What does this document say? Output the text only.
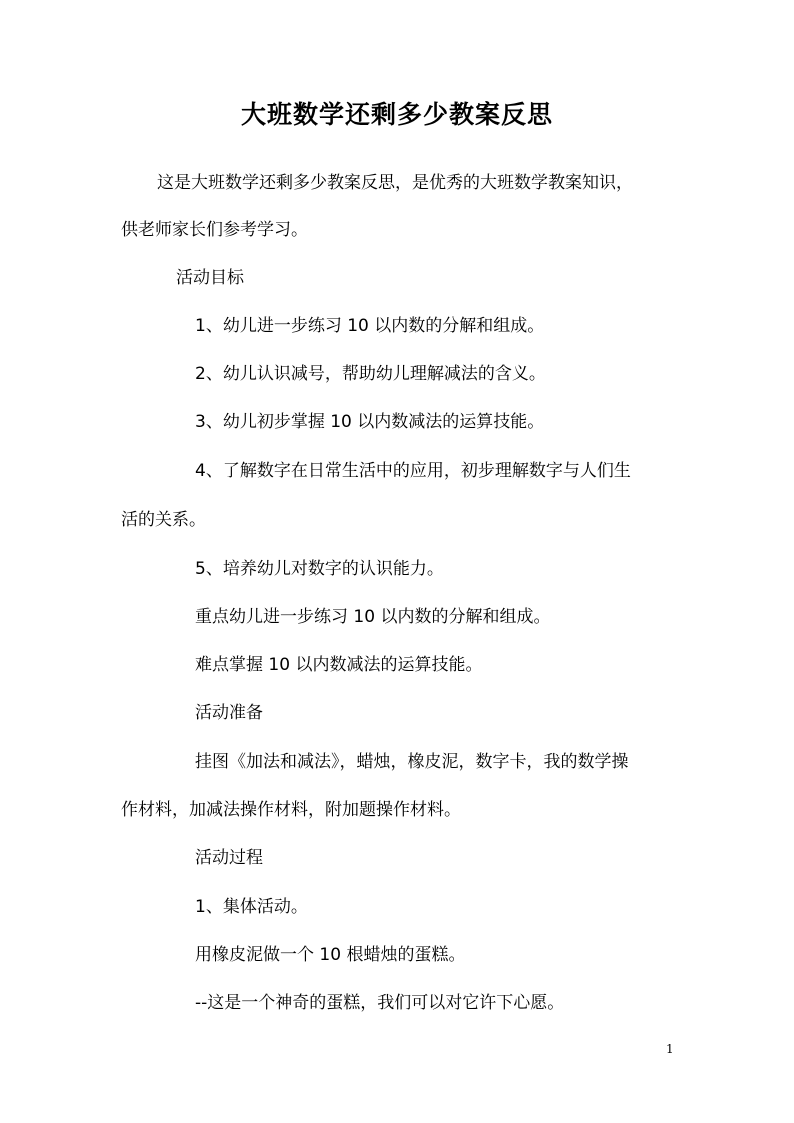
大班数学还剩多少教案反思
这是大班数学还剩多少教案反思，是优秀的大班数学教案知识，
供老师家长们参考学习。
活动目标
1、幼儿进一步练习 10 以内数的分解和组成。
2、幼儿认识减号，帮助幼儿理解减法的含义。
3、幼儿初步掌握 10 以内数减法的运算技能。
4、了解数字在日常生活中的应用，初步理解数字与人们生
活的关系。
5、培养幼儿对数字的认识能力。
重点幼儿进一步练习 10 以内数的分解和组成。
难点掌握 10 以内数减法的运算技能。
活动准备
挂图《加法和减法》，蜡烛，橡皮泥，数字卡，我的数学操
作材料，加减法操作材料，附加题操作材料。
活动过程
1、集体活动。
用橡皮泥做一个 10 根蜡烛的蛋糕。
--这是一个神奇的蛋糕，我们可以对它许下心愿。
1
